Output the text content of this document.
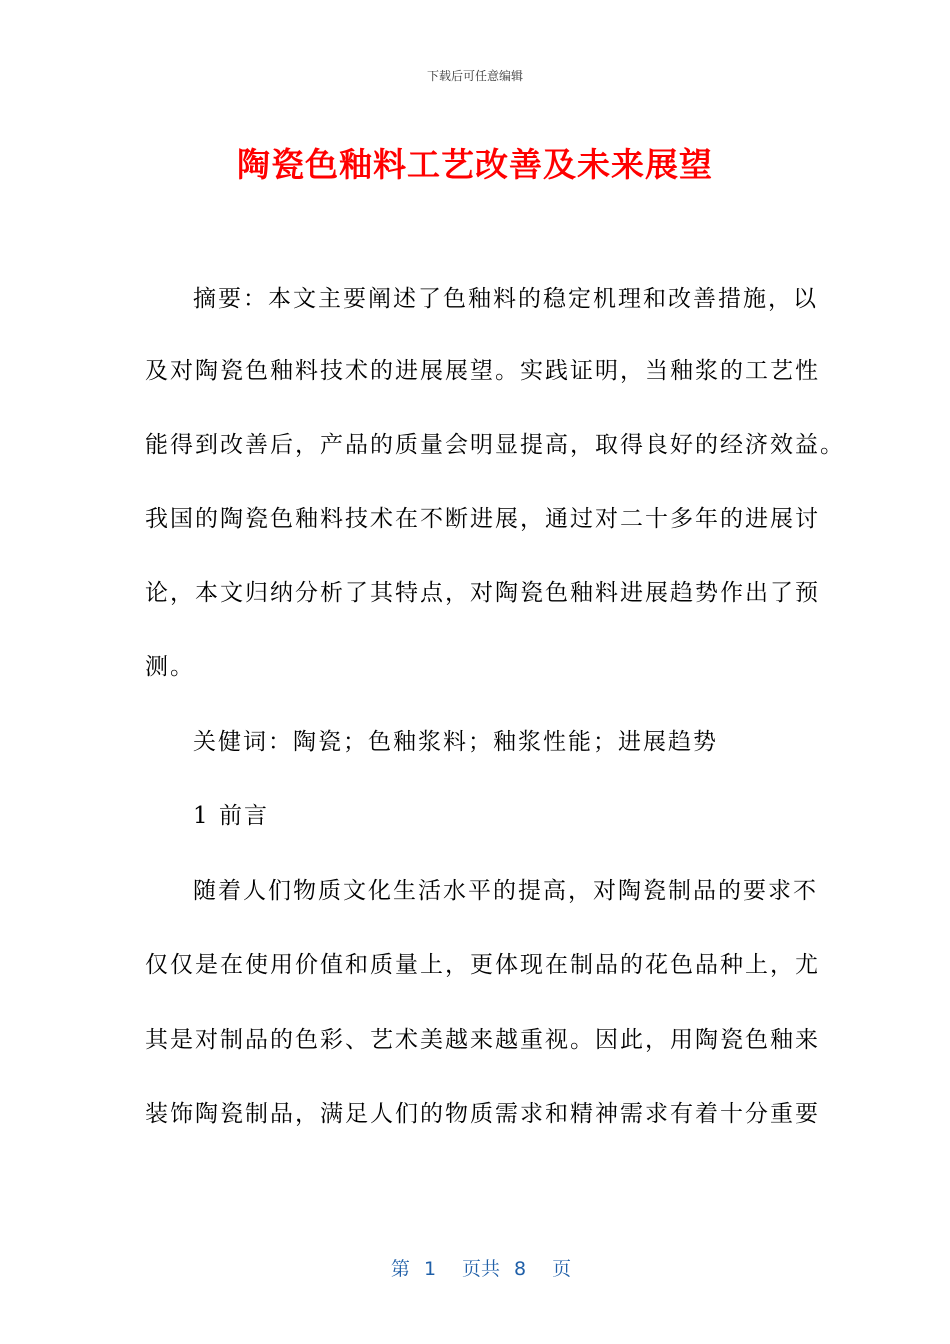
下载后可任意编辑
陶瓷色釉料工艺改善及未来展望

摘要：本文主要阐述了色釉料的稳定机理和改善措施，以

及对陶瓷色釉料技术的进展展望。实践证明，当釉浆的工艺性

能得到改善后，产品的质量会明显提高，取得良好的经济效益。

我国的陶瓷色釉料技术在不断进展，通过对二十多年的进展讨

论，本文归纳分析了其特点，对陶瓷色釉料进展趋势作出了预

测。

关健词：陶瓷；色釉浆料；釉浆性能；进展趋势

1 前言

随着人们物质文化生活水平的提高，对陶瓷制品的要求不

仅仅是在使用价值和质量上，更体现在制品的花色品种上，尤

其是对制品的色彩、艺术美越来越重视。因此，用陶瓷色釉来

装饰陶瓷制品，满足人们的物质需求和精神需求有着十分重要

第 1 页共 8 页
